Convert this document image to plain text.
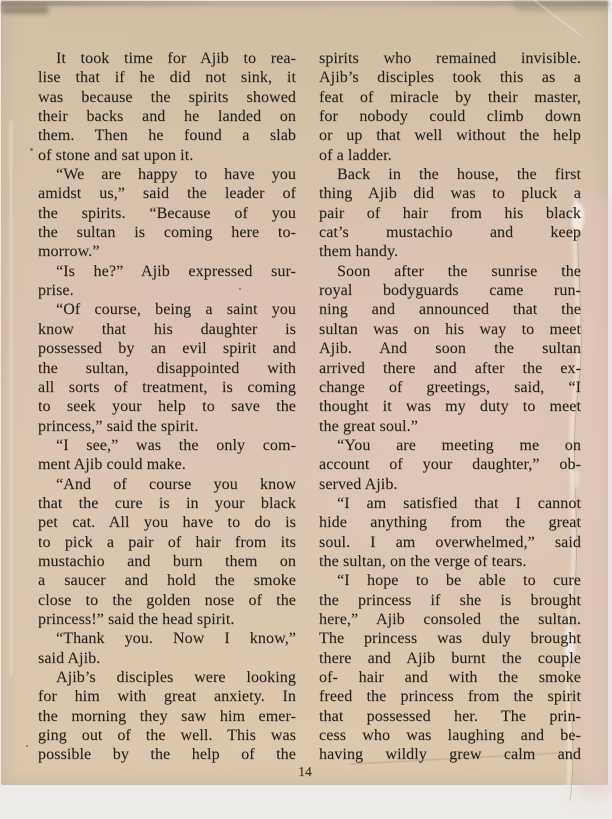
It took time for Ajib to rea-
lise that if he did not sink, it
was because the spirits showed
their backs and he landed on
them. Then he found a slab
of stone and sat upon it.
“We are happy to have you
amidst us,” said the leader of
the spirits. “Because of you
the sultan is coming here to-
morrow.”
“Is he?” Ajib expressed sur-
prise.
“Of course, being a saint you
know that his daughter is
possessed by an evil spirit and
the sultan, disappointed with
all sorts of treatment, is coming
to seek your help to save the
princess,” said the spirit.
“I see,” was the only com-
ment Ajib could make.
“And of course you know
that the cure is in your black
pet cat. All you have to do is
to pick a pair of hair from its
mustachio and burn them on
a saucer and hold the smoke
close to the golden nose of the
princess!” said the head spirit.
“Thank you. Now I know,”
said Ajib.
Ajib’s disciples were looking
for him with great anxiety. In
the morning they saw him emer-
ging out of the well. This was
possible by the help of the
spirits who remained invisible.
Ajib’s disciples took this as a
feat of miracle by their master,
for nobody could climb down
or up that well without the help
of a ladder.
Back in the house, the first
thing Ajib did was to pluck a
pair of hair from his black
cat’s mustachio and keep
them handy.
Soon after the sunrise the
royal bodyguards came run-
ning and announced that the
sultan was on his way to meet
Ajib. And soon the sultan
arrived there and after the ex-
change of greetings, said, “I
thought it was my duty to meet
the great soul.”
“You are meeting me on
account of your daughter,” ob-
served Ajib.
“I am satisfied that I cannot
hide anything from the great
soul. I am overwhelmed,” said
the sultan, on the verge of tears.
“I hope to be able to cure
the princess if she is brought
here,” Ajib consoled the sultan.
The princess was duly brought
there and Ajib burnt the couple
of- hair and with the smoke
freed the princess from the spirit
that possessed her. The prin-
cess who was laughing and be-
having wildly grew calm and
14
